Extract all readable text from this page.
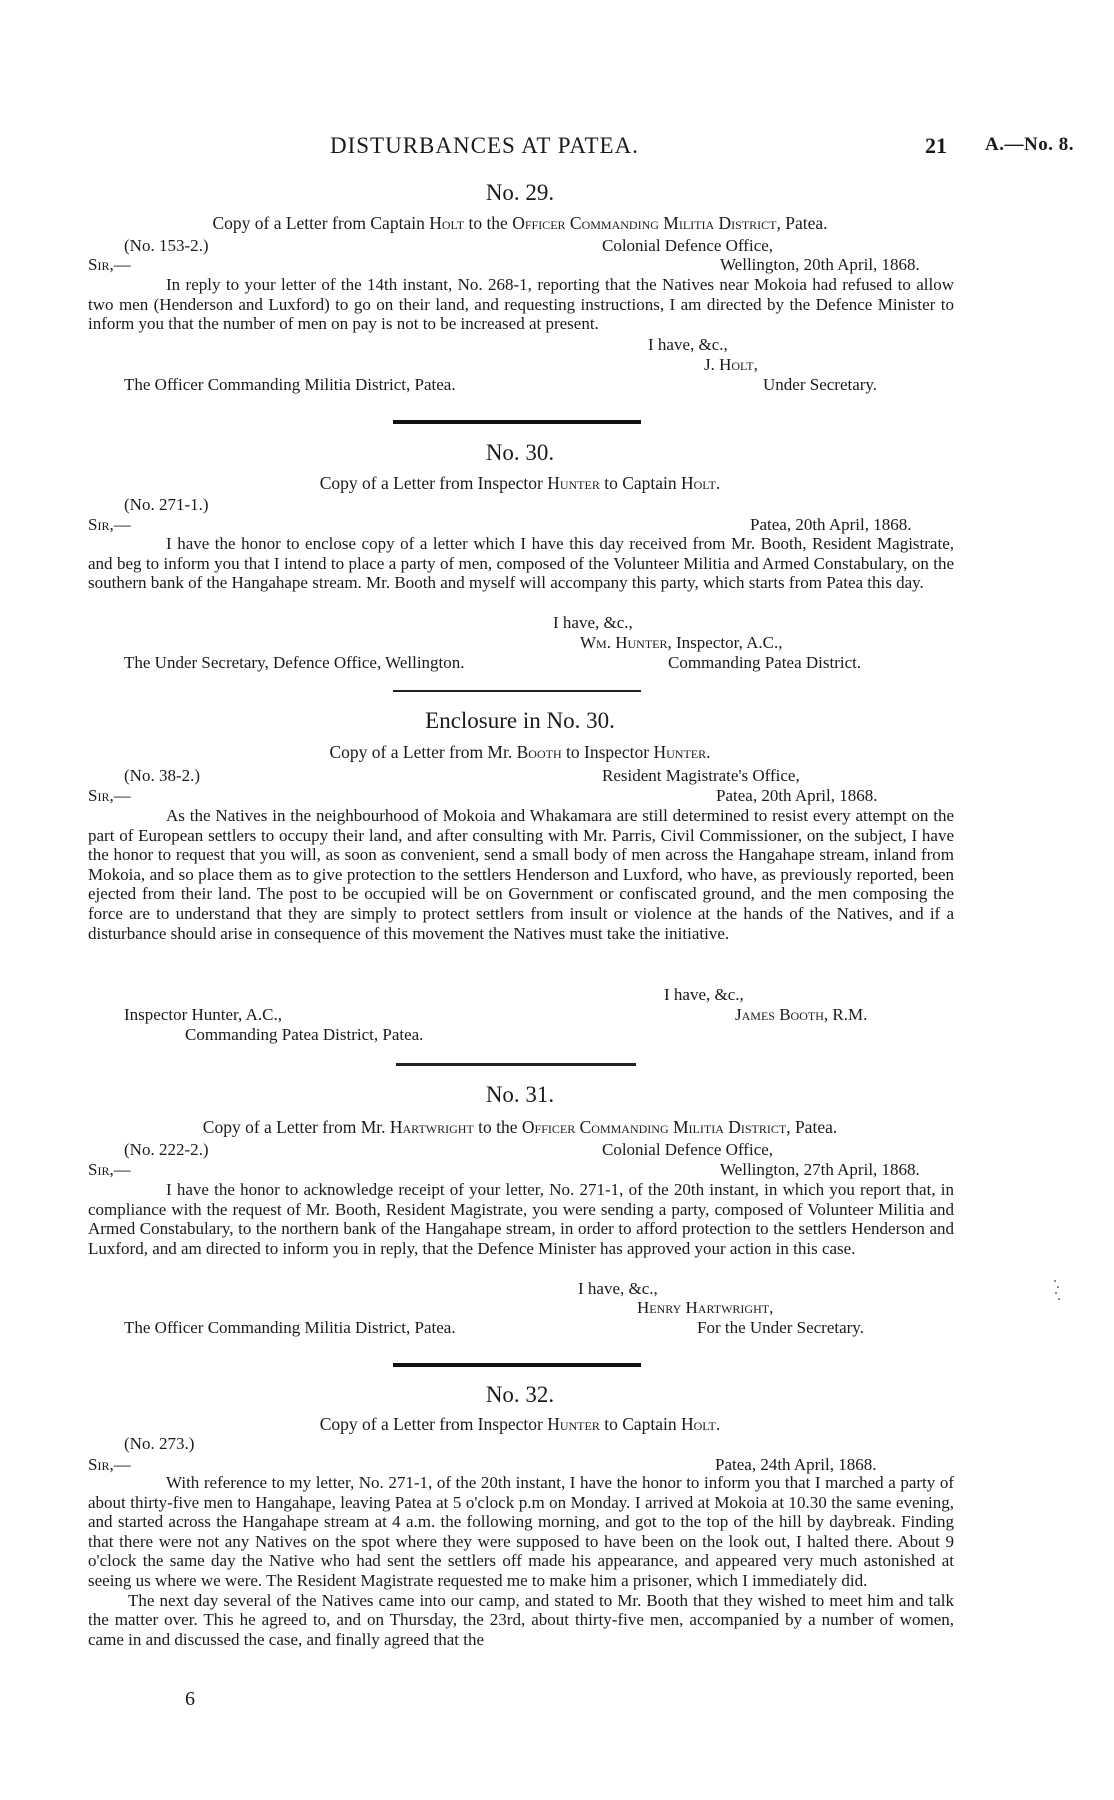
DISTURBANCES AT PATEA.	21 A.—No. 8.
No. 29.
Copy of a Letter from Captain Holt to the Officer Commanding Militia District, Patea.
(No. 153-2.)	Colonial Defence Office,
Sir,—	Wellington, 20th April, 1868.

In reply to your letter of the 14th instant, No. 268-1, reporting that the Natives near Mokoia had refused to allow two men (Henderson and Luxford) to go on their land, and requesting instructions, I am directed by the Defence Minister to inform you that the number of men on pay is not to be increased at present.

I have, &c.,
J. Holt,
The Officer Commanding Militia District, Patea.	Under Secretary.
No. 30.
Copy of a Letter from Inspector Hunter to Captain Holt.
(No. 271-1.)
Sir,—	Patea, 20th April, 1868.

I have the honor to enclose copy of a letter which I have this day received from Mr. Booth, Resident Magistrate, and beg to inform you that I intend to place a party of men, composed of the Volunteer Militia and Armed Constabulary, on the southern bank of the Hangahape stream. Mr. Booth and myself will accompany this party, which starts from Patea this day.

I have, &c.,
Wm. Hunter, Inspector, A.C.,
The Under Secretary, Defence Office, Wellington.	Commanding Patea District.
Enclosure in No. 30.
Copy of a Letter from Mr. Booth to Inspector Hunter.
(No. 38-2.)	Resident Magistrate's Office,
Sir,—	Patea, 20th April, 1868.

As the Natives in the neighbourhood of Mokoia and Whakamara are still determined to resist every attempt on the part of European settlers to occupy their land, and after consulting with Mr. Parris, Civil Commissioner, on the subject, I have the honor to request that you will, as soon as convenient, send a small body of men across the Hangahape stream, inland from Mokoia, and so place them as to give protection to the settlers Henderson and Luxford, who have, as previously reported, been ejected from their land. The post to be occupied will be on Government or confiscated ground, and the men composing the force are to understand that they are simply to protect settlers from insult or violence at the hands of the Natives, and if a disturbance should arise in consequence of this movement the Natives must take the initiative.

I have, &c.,
Inspector Hunter, A.C.,	James Booth, R.M.
Commanding Patea District, Patea.
No. 31.
Copy of a Letter from Mr. Hartwright to the Officer Commanding Militia District, Patea.
(No. 222-2.)	Colonial Defence Office,
Sir,—	Wellington, 27th April, 1868.

I have the honor to acknowledge receipt of your letter, No. 271-1, of the 20th instant, in which you report that, in compliance with the request of Mr. Booth, Resident Magistrate, you were sending a party, composed of Volunteer Militia and Armed Constabulary, to the northern bank of the Hangahape stream, in order to afford protection to the settlers Henderson and Luxford, and am directed to inform you in reply, that the Defence Minister has approved your action in this case.

I have, &c.,
Henry Hartwright,
The Officer Commanding Militia District, Patea.	For the Under Secretary.
No. 32.
Copy of a Letter from Inspector Hunter to Captain Holt.
(No. 273.)
Sir,—	Patea, 24th April, 1868.

With reference to my letter, No. 271-1, of the 20th instant, I have the honor to inform you that I marched a party of about thirty-five men to Hangahape, leaving Patea at 5 o'clock p.m on Monday. I arrived at Mokoia at 10.30 the same evening, and started across the Hangahape stream at 4 a.m. the following morning, and got to the top of the hill by daybreak. Finding that there were not any Natives on the spot where they were supposed to have been on the look out, I halted there. About 9 o'clock the same day the Native who had sent the settlers off made his appearance, and appeared very much astonished at seeing us where we were. The Resident Magistrate requested me to make him a prisoner, which I immediately did.

The next day several of the Natives came into our camp, and stated to Mr. Booth that they wished to meet him and talk the matter over. This he agreed to, and on Thursday, the 23rd, about thirty-five men, accompanied by a number of women, came in and discussed the case, and finally agreed that the

6
